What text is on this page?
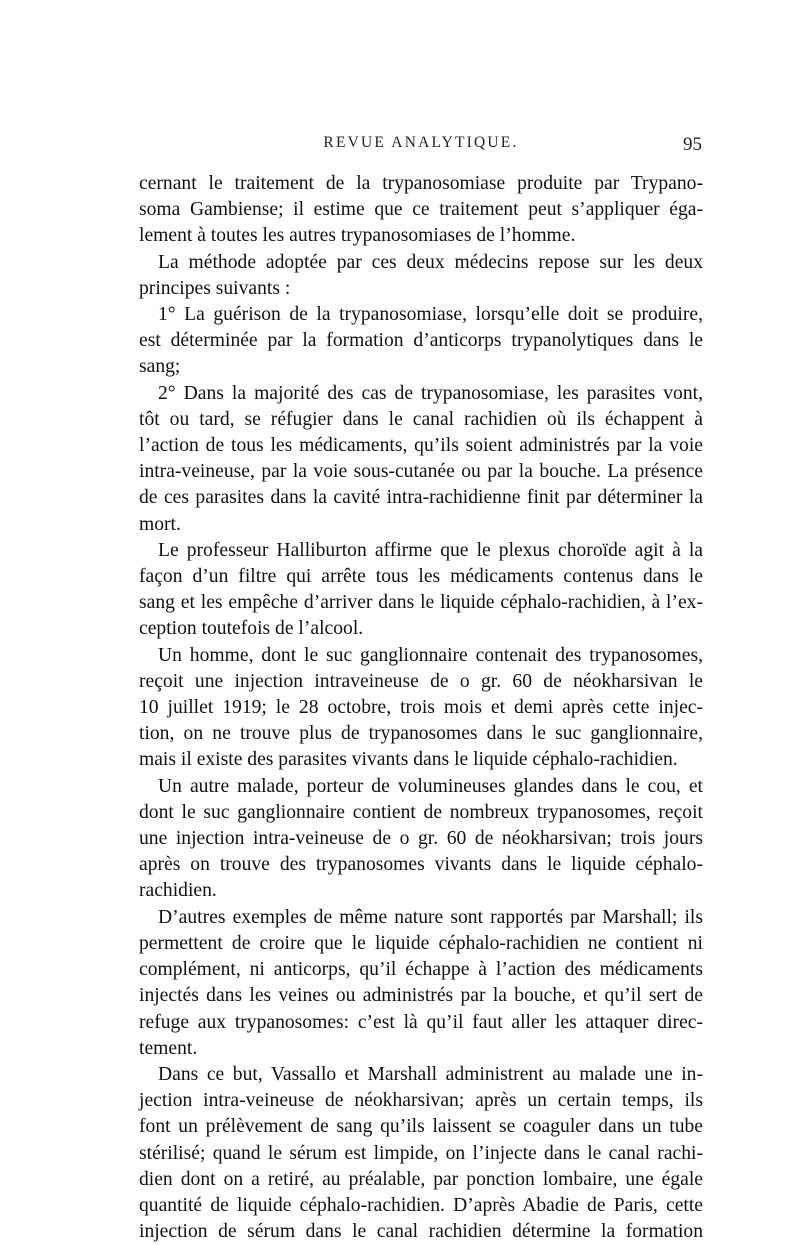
REVUE ANALYTIQUE.	95
cernant le traitement de la trypanosomiase produite par Trypano-
soma Gambiense; il estime que ce traitement peut s’appliquer éga-
lement à toutes les autres trypanosomiases de l’homme.
La méthode adoptée par ces deux médecins repose sur les deux
principes suivants :
1° La guérison de la trypanosomiase, lorsqu’elle doit se produire,
est déterminée par la formation d’anticorps trypanolytiques dans le
sang;
2° Dans la majorité des cas de trypanosomiase, les parasites vont,
tôt ou tard, se réfugier dans le canal rachidien où ils échappent à
l’action de tous les médicaments, qu’ils soient administrés par la voie
intra-veineuse, par la voie sous-cutanée ou par la bouche. La présence
de ces parasites dans la cavité intra-rachidienne finit par déterminer la
mort.
Le professeur Halliburton affirme que le plexus choroïde agit à la
façon d’un filtre qui arrête tous les médicaments contenus dans le
sang et les empêche d’arriver dans le liquide céphalo-rachidien, à l’ex-
ception toutefois de l’alcool.
Un homme, dont le suc ganglionnaire contenait des trypanosomes,
reçoit une injection intraveineuse de o gr. 60 de néokharsivan le
10 juillet 1919; le 28 octobre, trois mois et demi après cette injec-
tion, on ne trouve plus de trypanosomes dans le suc ganglionnaire,
mais il existe des parasites vivants dans le liquide céphalo-rachidien.
Un autre malade, porteur de volumineuses glandes dans le cou, et
dont le suc ganglionnaire contient de nombreux trypanosomes, reçoit
une injection intra-veineuse de o gr. 60 de néokharsivan; trois jours
après on trouve des trypanosomes vivants dans le liquide céphalo-
rachidien.
D’autres exemples de même nature sont rapportés par Marshall; ils
permettent de croire que le liquide céphalo-rachidien ne contient ni
complément, ni anticorps, qu’il échappe à l’action des médicaments
injectés dans les veines ou administrés par la bouche, et qu’il sert de
refuge aux trypanosomes: c’est là qu’il faut aller les attaquer direc-
tement.
Dans ce but, Vassallo et Marshall administrent au malade une in-
jection intra-veineuse de néokharsivan; après un certain temps, ils
font un prélèvement de sang qu’ils laissent se coaguler dans un tube
stérilisé; quand le sérum est limpide, on l’injecte dans le canal rachi-
dien dont on a retiré, au préalable, par ponction lombaire, une égale
quantité de liquide céphalo-rachidien. D’après Abadie de Paris, cette
injection de sérum dans le canal rachidien détermine la formation
